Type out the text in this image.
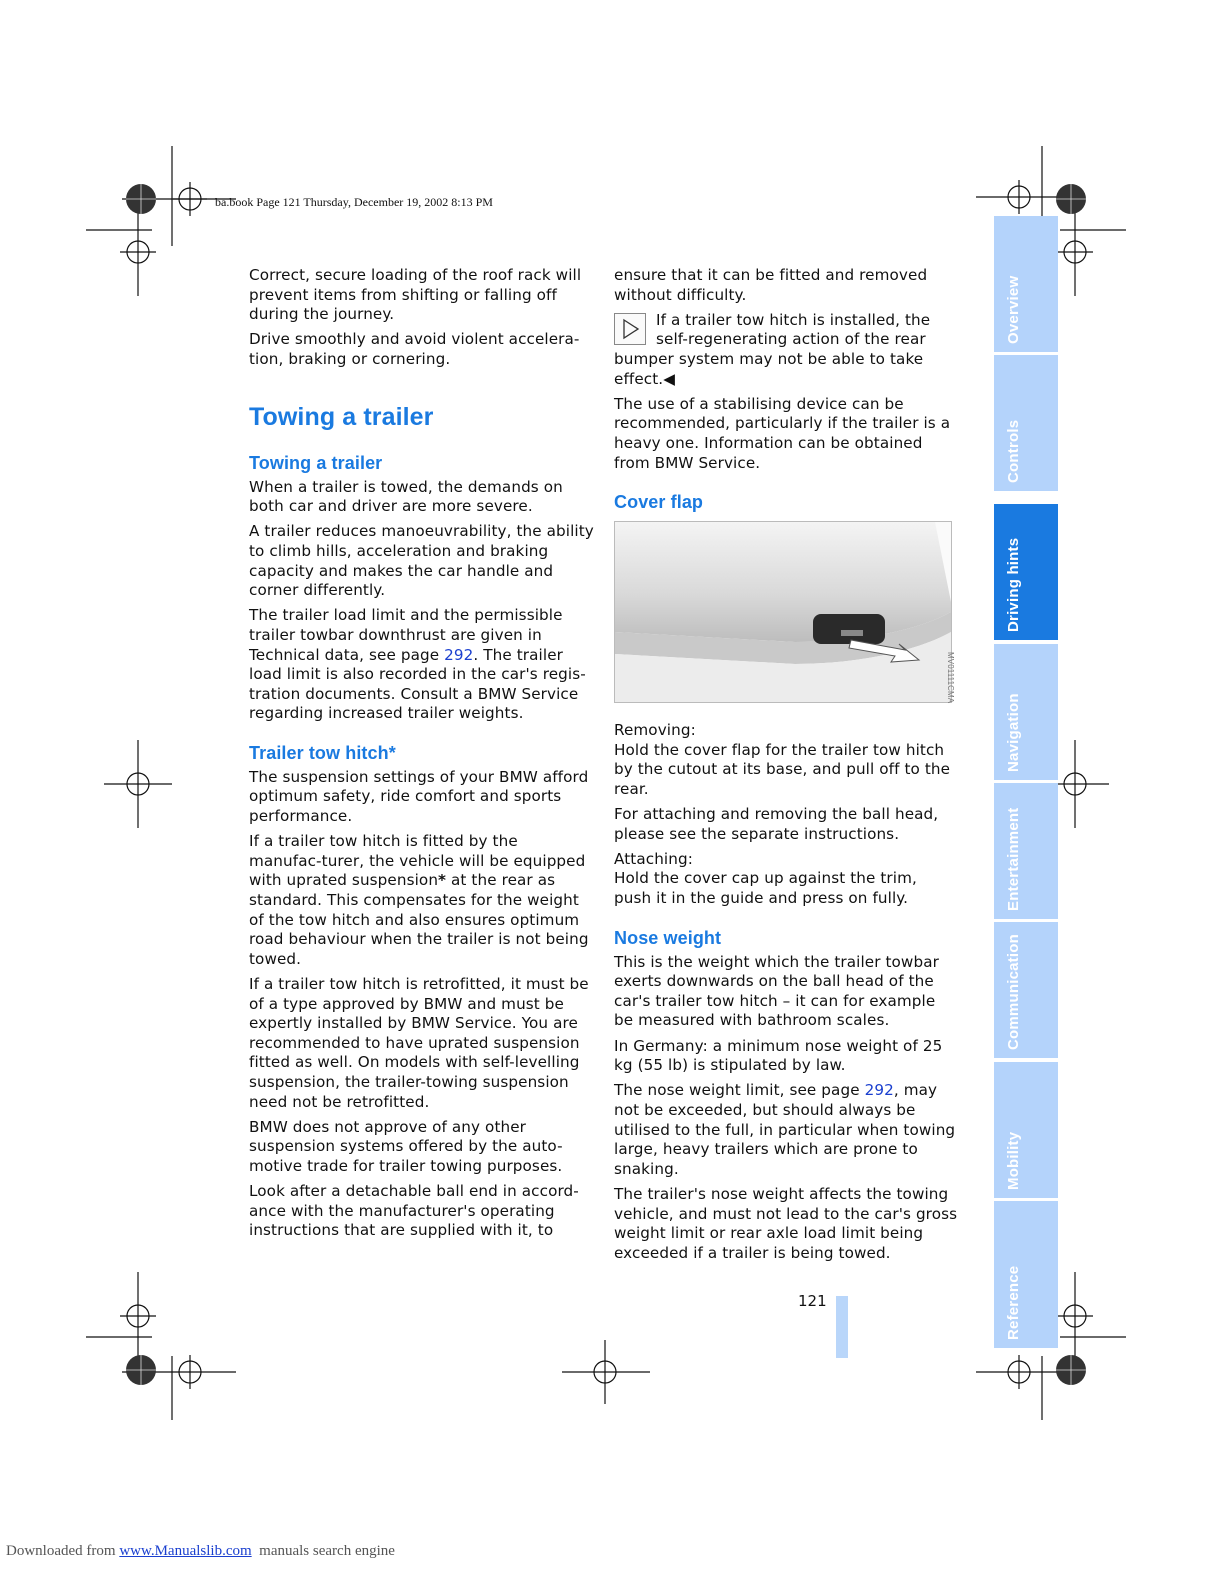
ba.book Page 121 Thursday, December 19, 2002 8:13 PM

Correct, secure loading of the roof rack will prevent items from shifting or falling off during the journey.

Drive smoothly and avoid violent accelera-tion, braking or cornering.

Towing a trailer
Towing a trailer

When a trailer is towed, the demands on both car and driver are more severe.

A trailer reduces manoeuvrability, the ability to climb hills, acceleration and braking capacity and makes the car handle and corner differently.

The trailer load limit and the permissible trailer towbar downthrust are given in Technical data, see page 292. The trailer load limit is also recorded in the car's regis-tration documents. Consult a BMW Service regarding increased trailer weights.

Trailer tow hitch*

The suspension settings of your BMW afford optimum safety, ride comfort and sports performance.

If a trailer tow hitch is fitted by the manufac-turer, the vehicle will be equipped with uprated suspension* at the rear as standard. This compensates for the weight of the tow hitch and also ensures optimum road behaviour when the trailer is not being towed.

If a trailer tow hitch is retrofitted, it must be of a type approved by BMW and must be expertly installed by BMW Service. You are recommended to have uprated suspension fitted as well. On models with self-levelling suspension, the trailer-towing suspension need not be retrofitted.

BMW does not approve of any other suspension systems offered by the auto-motive trade for trailer towing purposes.

Look after a detachable ball end in accord-ance with the manufacturer's operating instructions that are supplied with it, to

ensure that it can be fitted and removed without difficulty.

If a trailer tow hitch is installed, the self-regenerating action of the rear bumper system may not be able to take effect.◀

The use of a stabilising device can be recommended, particularly if the trailer is a heavy one. Information can be obtained from BMW Service.

Cover flap
MV01111CMA

Removing:
Hold the cover flap for the trailer tow hitch by the cutout at its base, and pull off to the rear.

For attaching and removing the ball head, please see the separate instructions.

Attaching:
Hold the cover cap up against the trim, push it in the guide and press on fully.

Nose weight

This is the weight which the trailer towbar exerts downwards on the ball head of the car's trailer tow hitch – it can for example be measured with bathroom scales.

In Germany: a minimum nose weight of 25 kg (55 lb) is stipulated by law.

The nose weight limit, see page 292, may not be exceeded, but should always be utilised to the full, in particular when towing large, heavy trailers which are prone to snaking.

The trailer's nose weight affects the towing vehicle, and must not lead to the car's gross weight limit or rear axle load limit being exceeded if a trailer is being towed.

121
Overview
Controls
Driving hints
Navigation
Entertainment
Communication
Mobility
Reference
Downloaded from www.Manualslib.com  manuals search engine
